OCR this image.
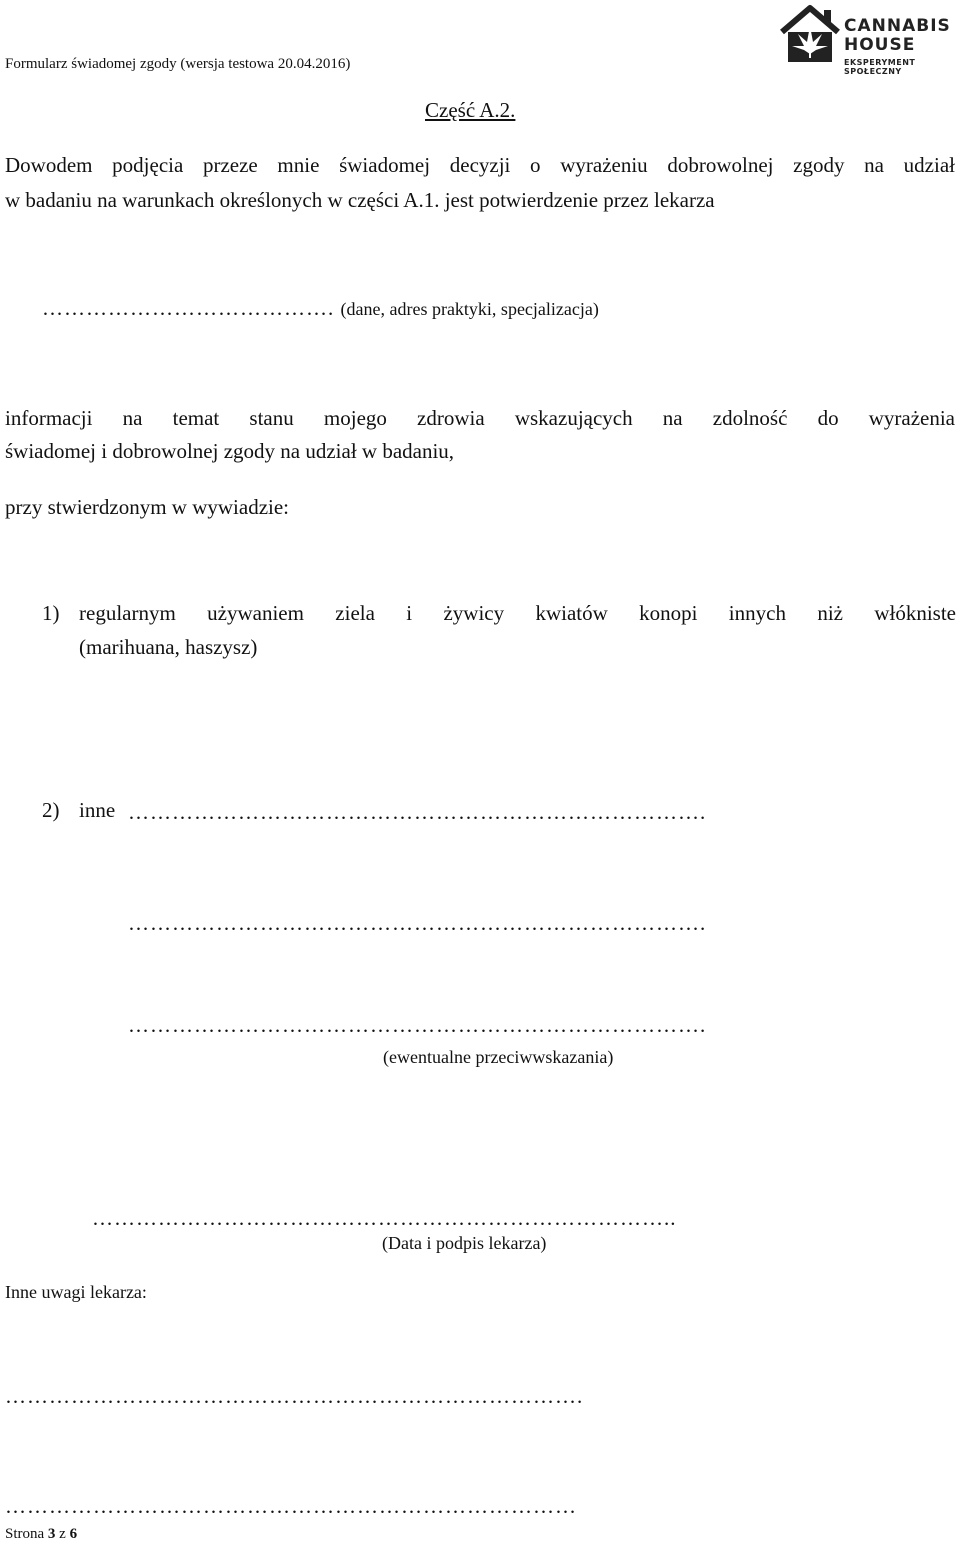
Formularz świadomej zgody (wersja testowa 20.04.2016)
CANNABIS
HOUSE
EKSPERYMENT SPOŁECZNY
Część A.2.
Dowodem podjęcia przeze mnie świadomej decyzji o wyrażeniu dobrowolnej zgody na udział
w badaniu na warunkach określonych w części A.1. jest potwierdzenie przez lekarza
…………………………………. (dane, adres praktyki, specjalizacja)
informacji na temat stanu mojego zdrowia wskazujących na zdolność do wyrażenia
świadomej i dobrowolnej zgody na udział w badaniu,
przy stwierdzonym w wywiadzie:
1) regularnym używaniem ziela i żywicy kwiatów konopi innych niż włókniste
(marihuana, haszysz)
2) inne …………………………………………………………………….
…………………………………………………………………….
…………………………………………………………………….
(ewentualne przeciwwskazania)
……………………………………………………………………..
(Data i podpis lekarza)
Inne uwagi lekarza:
…………………………………………………………………….
……………………………………………………………………
Strona 3 z 6
